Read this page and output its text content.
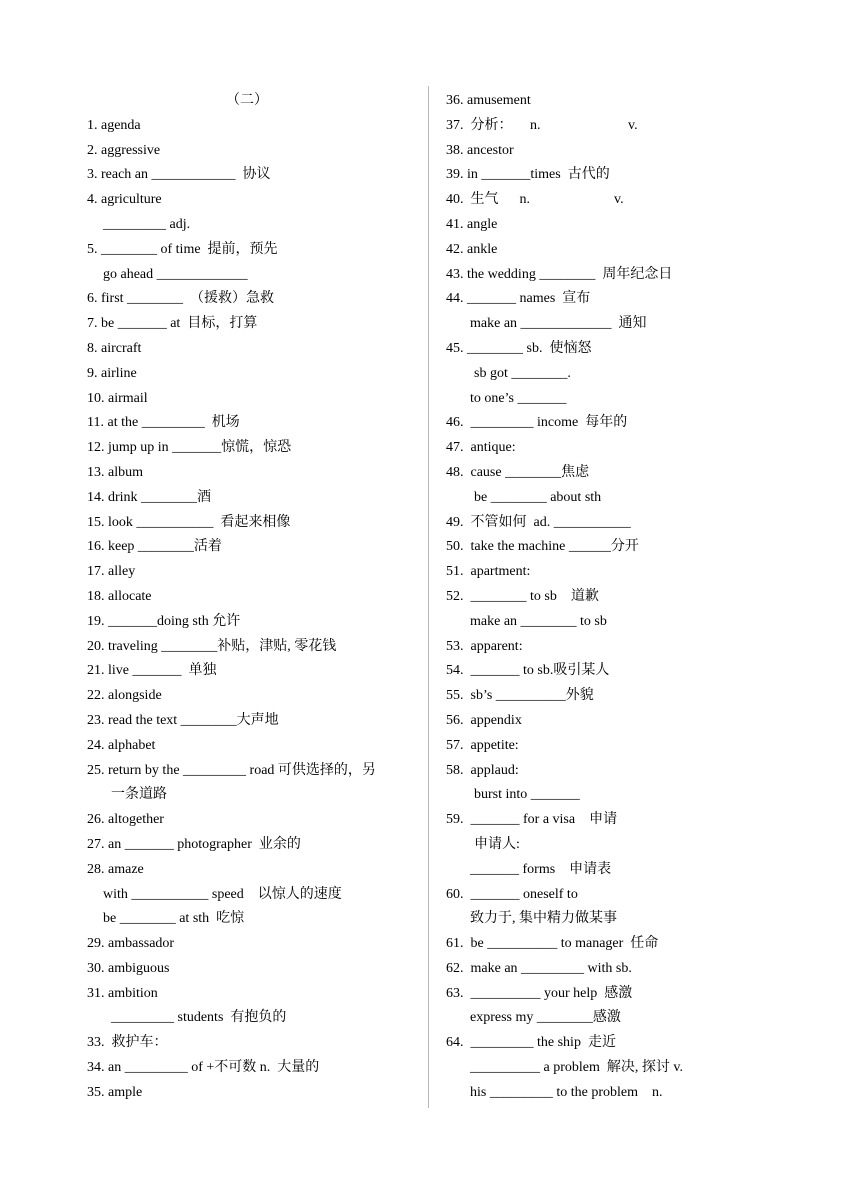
（二）
1. agenda
2. aggressive
3. reach an ____________  协议
4. agriculture
_________ adj.
5. ________ of time  提前，预先
go ahead _____________
6. first ________  （援救）急救
7. be _______ at  目标，打算
8. aircraft
9. airline
10. airmail
11. at the _________  机场
12. jump up in _______惊慌，惊恐
13. album
14. drink ________酒
15. look ___________  看起来相像
16. keep ________活着
17. alley
18. allocate
19. _______doing sth 允许
20. traveling ________补贴，津贴, 零花钱
21. live _______  单独
22. alongside
23. read the text ________大声地
24. alphabet
25. return by the _________ road 可供选择的，另
一条道路
26. altogether
27. an _______ photographer  业余的
28. amaze
with ___________ speed    以惊人的速度
be ________ at sth  吃惊
29. ambassador
30. ambiguous
31. ambition
_________ students  有抱负的
33.  救护车：
34. an _________ of +不可数 n.  大量的
35. ample
36. amusement
37.  分析：     n.                         v.
38. ancestor
39. in _______times  古代的
40.  生气      n.                        v.
41. angle
42. ankle
43. the wedding ________  周年纪念日
44. _______ names  宣布
make an _____________  通知
45. ________ sb.  使恼怒
sb got ________.
to one’s _______
46.  _________ income  每年的
47.  antique:
48.  cause ________焦虑
be ________ about sth
49.  不管如何  ad. ___________
50.  take the machine ______分开
51.  apartment:
52.  ________ to sb    道歉
make an ________ to sb
53.  apparent:
54.  _______ to sb.吸引某人
55.  sb’s __________外貌
56.  appendix
57.  appetite:
58.  applaud:
burst into _______
59.  _______ for a visa    申请
申请人:
_______ forms    申请表
60.  _______ oneself to
致力于, 集中精力做某事
61.  be __________ to manager  任命
62.  make an _________ with sb.
63.  __________ your help  感激
express my ________感激
64.  _________ the ship  走近
__________ a problem  解决, 探讨 v.
his _________ to the problem    n.
